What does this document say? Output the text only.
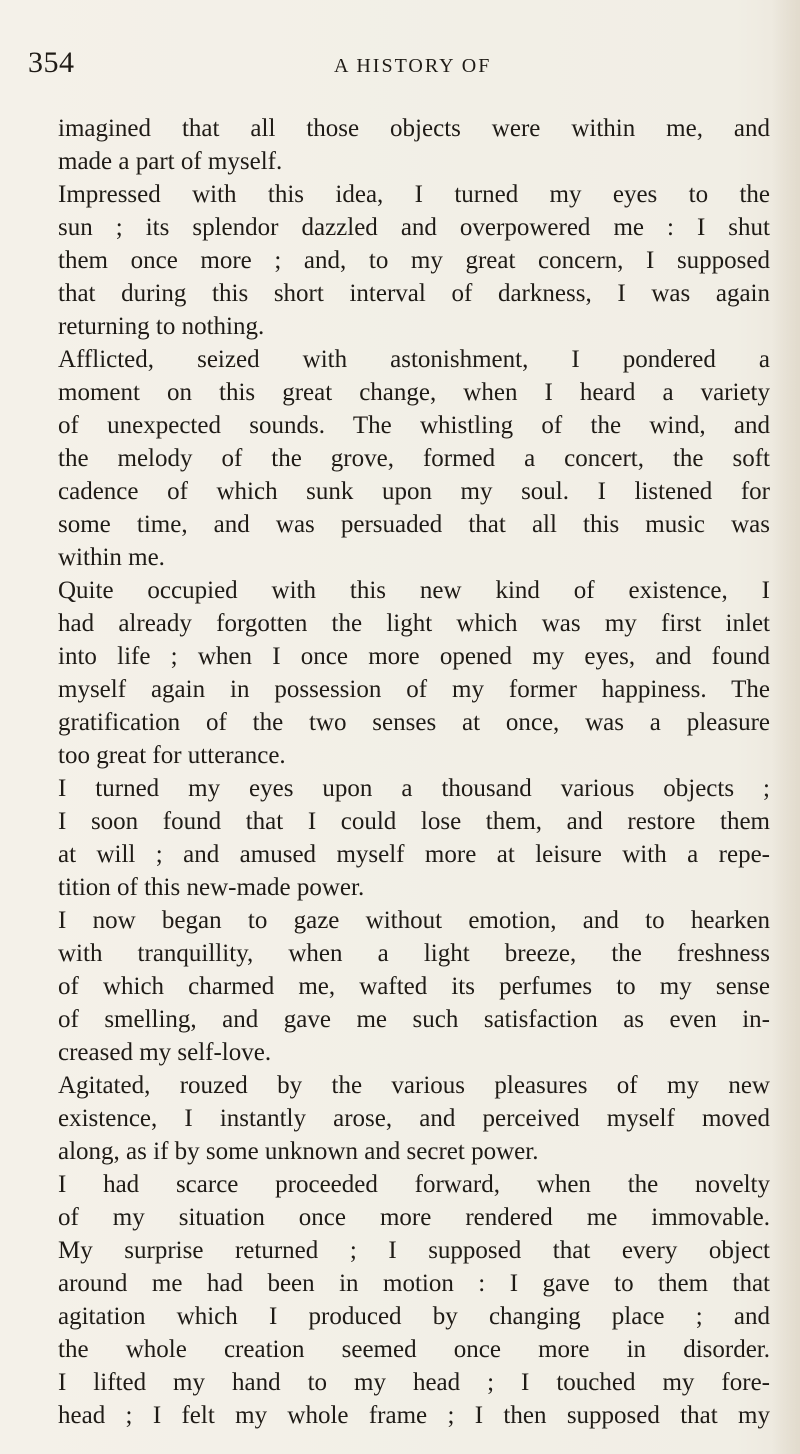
354	A HISTORY OF
imagined that all those objects were within me, and
made a part of myself.
Impressed with this idea, I turned my eyes to the
sun ; its splendor dazzled and overpowered me : I shut
them once more ; and, to my great concern, I supposed
that during this short interval of darkness, I was again
returning to nothing.
Afflicted, seized with astonishment, I pondered a
moment on this great change, when I heard a variety
of unexpected sounds. The whistling of the wind, and
the melody of the grove, formed a concert, the soft
cadence of which sunk upon my soul. I listened for
some time, and was persuaded that all this music was
within me.
Quite occupied with this new kind of existence, I
had already forgotten the light which was my first inlet
into life ; when I once more opened my eyes, and found
myself again in possession of my former happiness. The
gratification of the two senses at once, was a pleasure
too great for utterance.
I turned my eyes upon a thousand various objects ;
I soon found that I could lose them, and restore them
at will ; and amused myself more at leisure with a repe-
tition of this new-made power.
I now began to gaze without emotion, and to hearken
with tranquillity, when a light breeze, the freshness
of which charmed me, wafted its perfumes to my sense
of smelling, and gave me such satisfaction as even in-
creased my self-love.
Agitated, rouzed by the various pleasures of my new
existence, I instantly arose, and perceived myself moved
along, as if by some unknown and secret power.
I had scarce proceeded forward, when the novelty
of my situation once more rendered me immovable.
My surprise returned ; I supposed that every object
around me had been in motion : I gave to them that
agitation which I produced by changing place ; and
the whole creation seemed once more in disorder.
I lifted my hand to my head ; I touched my fore-
head ; I felt my whole frame ; I then supposed that my
